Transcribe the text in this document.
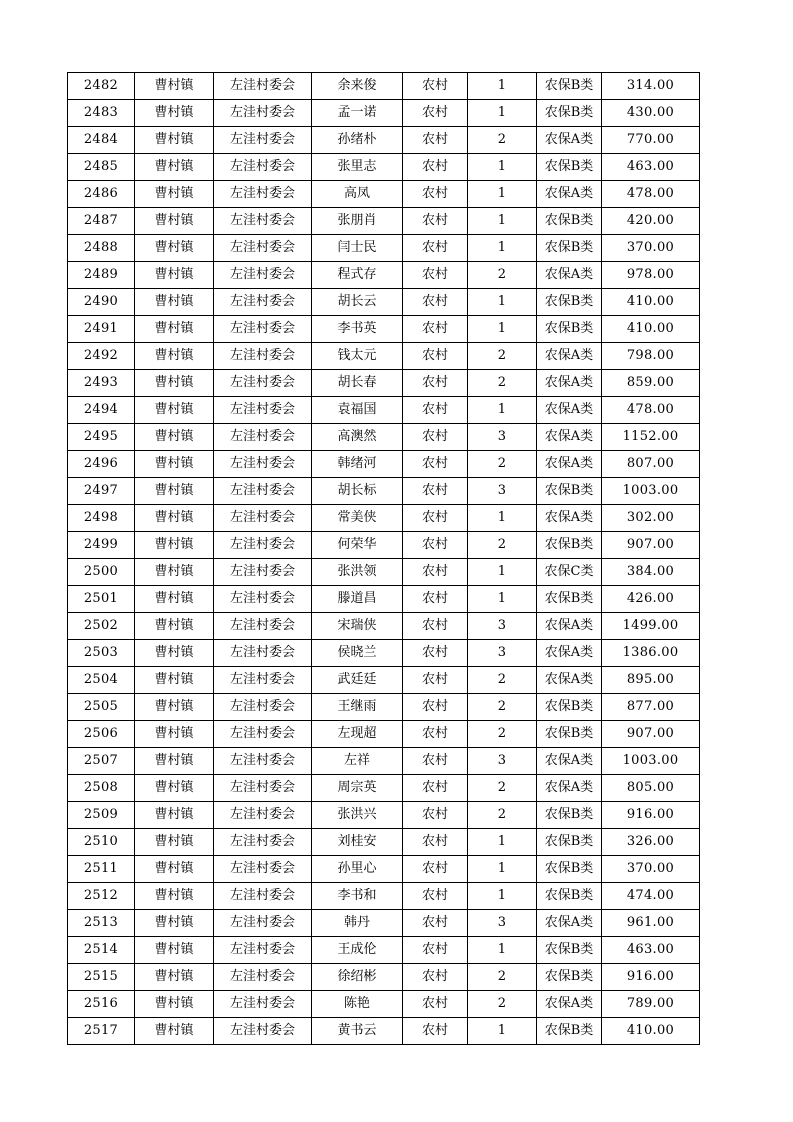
2482	曹村镇	左洼村委会	余来俊	农村	1	农保B类	314.00
2483	曹村镇	左洼村委会	孟一诺	农村	1	农保B类	430.00
2484	曹村镇	左洼村委会	孙绪朴	农村	2	农保A类	770.00
2485	曹村镇	左洼村委会	张里志	农村	1	农保B类	463.00
2486	曹村镇	左洼村委会	高凤	农村	1	农保A类	478.00
2487	曹村镇	左洼村委会	张朋肖	农村	1	农保B类	420.00
2488	曹村镇	左洼村委会	闫士民	农村	1	农保B类	370.00
2489	曹村镇	左洼村委会	程式存	农村	2	农保A类	978.00
2490	曹村镇	左洼村委会	胡长云	农村	1	农保B类	410.00
2491	曹村镇	左洼村委会	李书英	农村	1	农保B类	410.00
2492	曹村镇	左洼村委会	钱太元	农村	2	农保A类	798.00
2493	曹村镇	左洼村委会	胡长春	农村	2	农保A类	859.00
2494	曹村镇	左洼村委会	袁福国	农村	1	农保A类	478.00
2495	曹村镇	左洼村委会	高澳然	农村	3	农保A类	1152.00
2496	曹村镇	左洼村委会	韩绪河	农村	2	农保A类	807.00
2497	曹村镇	左洼村委会	胡长标	农村	3	农保B类	1003.00
2498	曹村镇	左洼村委会	常美侠	农村	1	农保A类	302.00
2499	曹村镇	左洼村委会	何荣华	农村	2	农保B类	907.00
2500	曹村镇	左洼村委会	张洪领	农村	1	农保C类	384.00
2501	曹村镇	左洼村委会	滕道昌	农村	1	农保B类	426.00
2502	曹村镇	左洼村委会	宋瑞侠	农村	3	农保A类	1499.00
2503	曹村镇	左洼村委会	侯晓兰	农村	3	农保A类	1386.00
2504	曹村镇	左洼村委会	武廷廷	农村	2	农保A类	895.00
2505	曹村镇	左洼村委会	王继雨	农村	2	农保B类	877.00
2506	曹村镇	左洼村委会	左现超	农村	2	农保B类	907.00
2507	曹村镇	左洼村委会	左祥	农村	3	农保A类	1003.00
2508	曹村镇	左洼村委会	周宗英	农村	2	农保A类	805.00
2509	曹村镇	左洼村委会	张洪兴	农村	2	农保B类	916.00
2510	曹村镇	左洼村委会	刘桂安	农村	1	农保B类	326.00
2511	曹村镇	左洼村委会	孙里心	农村	1	农保B类	370.00
2512	曹村镇	左洼村委会	李书和	农村	1	农保B类	474.00
2513	曹村镇	左洼村委会	韩丹	农村	3	农保A类	961.00
2514	曹村镇	左洼村委会	王成伦	农村	1	农保B类	463.00
2515	曹村镇	左洼村委会	徐绍彬	农村	2	农保B类	916.00
2516	曹村镇	左洼村委会	陈艳	农村	2	农保A类	789.00
2517	曹村镇	左洼村委会	黄书云	农村	1	农保B类	410.00
